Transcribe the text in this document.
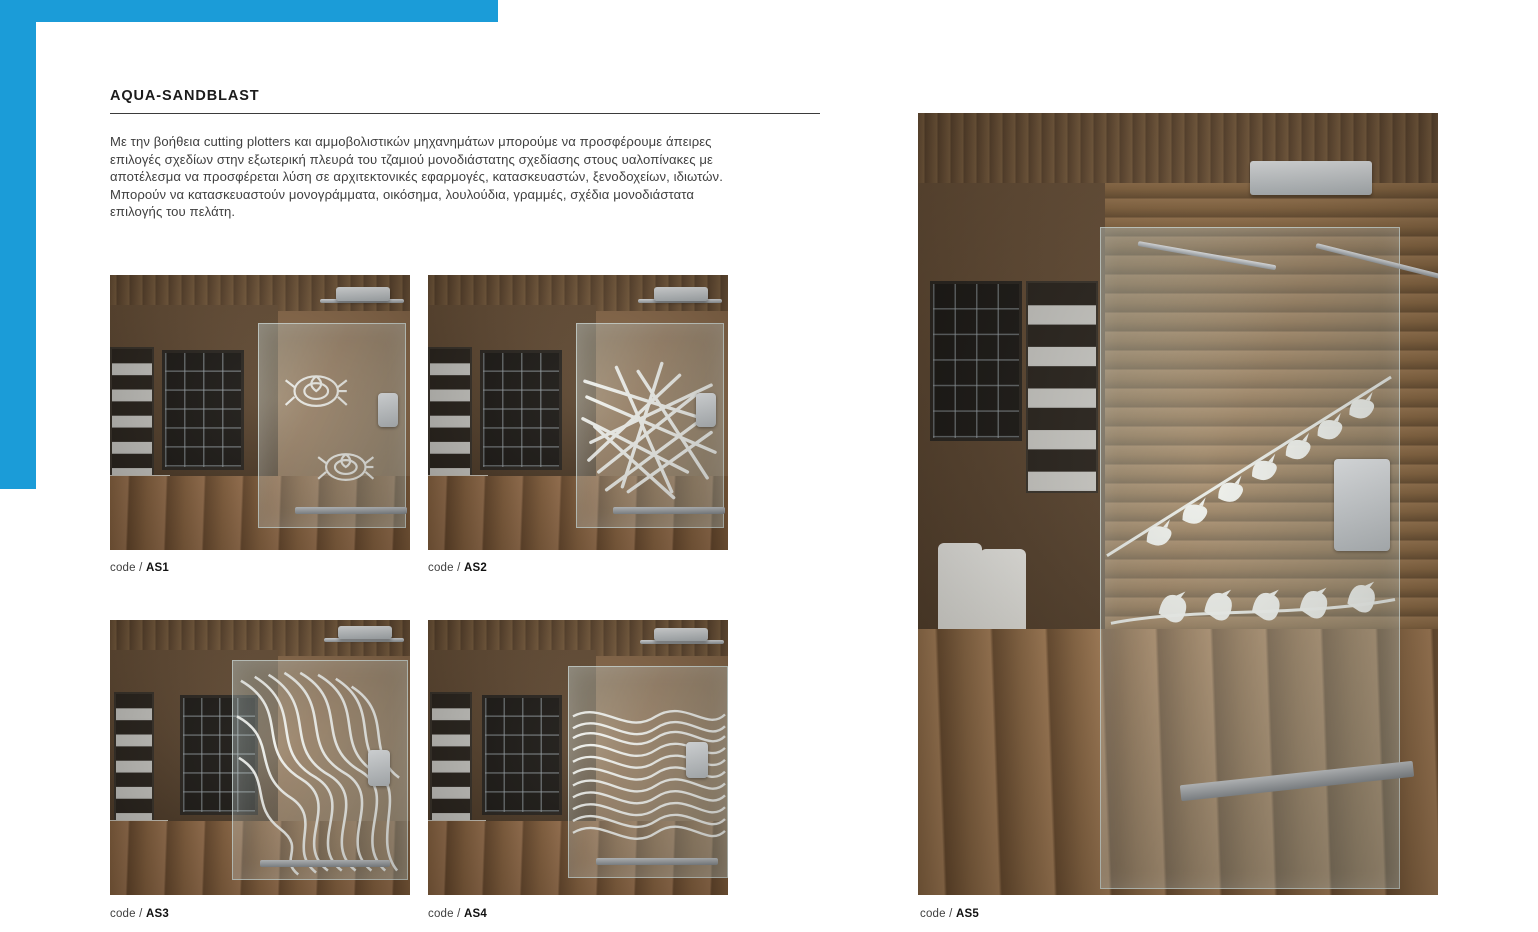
AQUA-SANDBLAST

Με την βοήθεια cutting plotters και αμμοβολιστικών μηχανημάτων μπορούμε να προσφέρουμε άπειρες επιλογές σχεδίων στην εξωτερική πλευρά του τζαμιού μονοδιάστατης σχεδίασης στους υαλοπίνακες με αποτέλεσμα να προσφέρεται λύση σε αρχιτεκτονικές εφαρμογές, κατασκευαστών, ξενοδοχείων, ιδιωτών. Μπορούν να κατασκευαστούν μονογράμματα, οικόσημα, λουλούδια, γραμμές, σχέδια μονοδιάστατα επιλογής του πελάτη.

code / AS1	code / AS2
code / AS3	code / AS4	code / AS5
